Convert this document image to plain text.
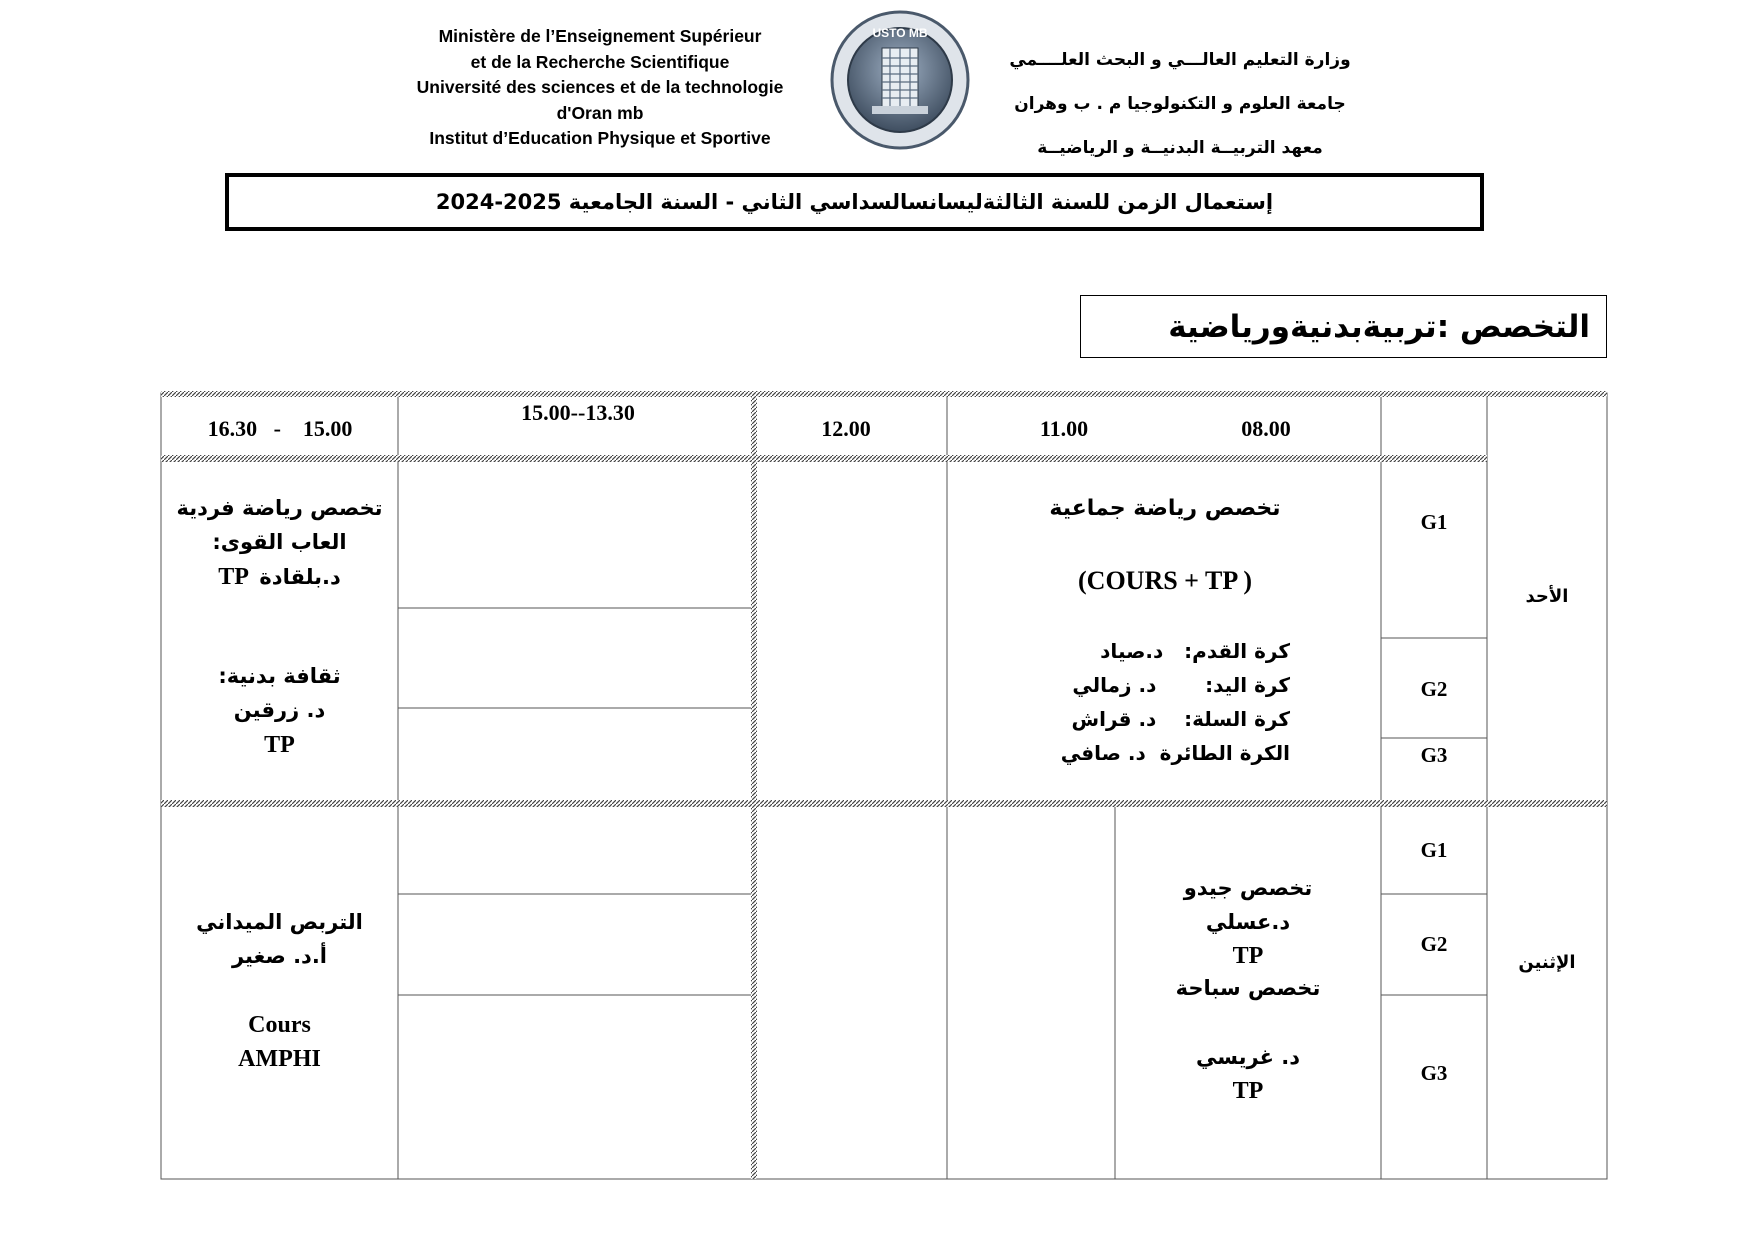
Ministère de l’Enseignement Supérieur
et de la Recherche Scientifique
Université des sciences et de la technologie
d'Oran mb
Institut d’Education Physique et Sportive
USTO MB
وزارة التعليم العالـــي و البحث العلــــمي
جامعة العلوم و التكنولوجيا م . ب وهران
معهد التربيــة البدنيــة و الرياضيــة
إستعمال الزمن للسنة الثالثةليسانسالسداسي الثاني - السنة الجامعية 2025-2024
التخصص :تربيةبدنيةورياضية
08.00
11.00
12.00
15.00--13.30
16.30   -    15.00
الأحد
الإثنين
G1
G2
G3
G1
G2
G3
تخصص رياضة جماعية
(COURS + TP )
كرة القدم:   د.صياد
كرة اليد:       د. زمالي
كرة السلة:    د. قراش
الكرة الطائرة  د. صافي
تخصص رياضة فردية
العاب القوى:
TP د.بلقادة
ثقافة بدنية:
د. زرقين
TP
تخصص جيدو
د.عسلي
TP
تخصص سباحة
د. غريسي
TP
التربص الميداني
أ.د. صغير
Cours
AMPHI
